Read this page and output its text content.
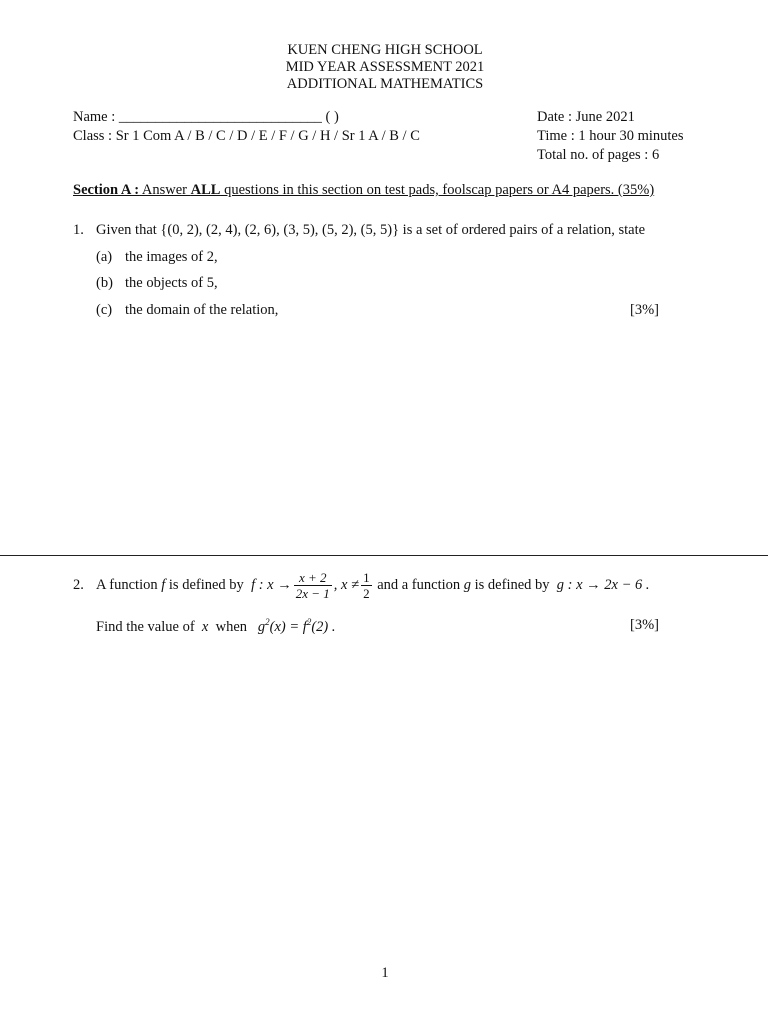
KUEN CHENG HIGH SCHOOL
MID YEAR ASSESSMENT 2021
ADDITIONAL MATHEMATICS
Name : ____________________________ ( )
Class : Sr 1 Com A / B / C / D / E / F / G / H / Sr 1 A / B / C
Date : June 2021
Time : 1 hour 30 minutes
Total no. of pages : 6
Section A : Answer ALL questions in this section on test pads, foolscap papers or A4 papers. (35%)
1. Given that {(0, 2), (2, 4), (2, 6), (3, 5), (5, 2), (5, 5)} is a set of ordered pairs of a relation, state
(a) the images of 2,
(b) the objects of 5,
(c) the domain of the relation,	[3%]
2. A function
f
is defined by
f : $x \to \frac{x + 2}{2x - 1}$ , $x \ne \frac{1}{2}$
and a function
g
is defined by
g : x → 2x − 6 .
Find the value of x when $g^2(x) = f^2(2)$ .	[3%]
1
